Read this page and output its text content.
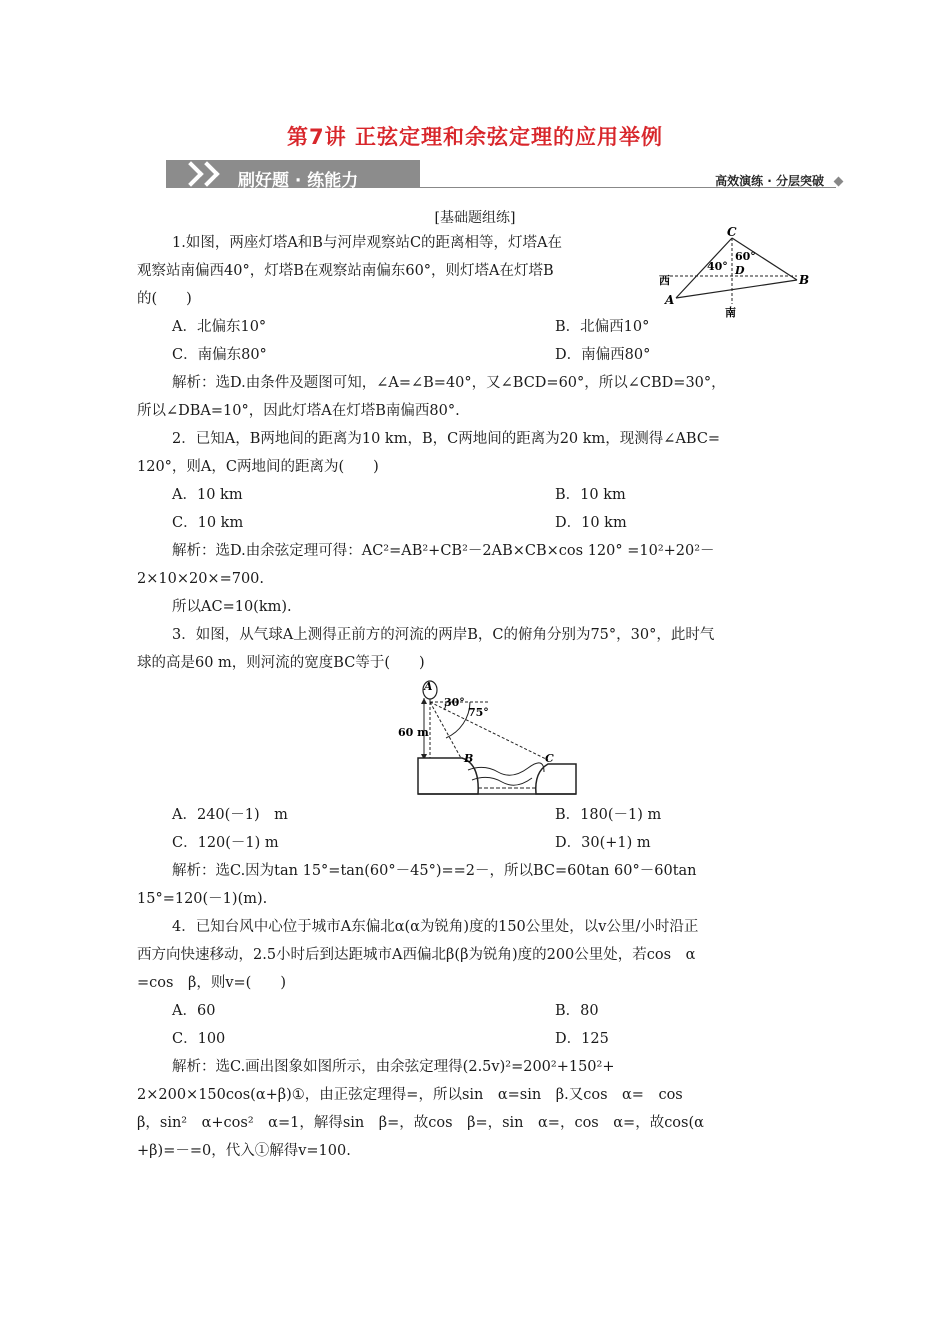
第7讲 正弦定理和余弦定理的应用举例
刷好题 · 练能力	高效演练 · 分层突破
[基础题组练]
1.如图，两座灯塔A和B与河岸观察站C的距离相等，灯塔A在
观察站南偏西40°，灯塔B在观察站南偏东60°，则灯塔A在灯塔B
的(　　)
C
A
B
D
西
南
40°
60°
A．北偏东10°	B．北偏西10°
C．南偏东80°	D．南偏西80°
解析：选D.由条件及题图可知，∠A=∠B=40°，又∠BCD=60°，所以∠CBD=30°，
所以∠DBA=10°，因此灯塔A在灯塔B南偏西80°.
2．已知A，B两地间的距离为10 km，B，C两地间的距离为20 km，现测得∠ABC=
120°，则A，C两地间的距离为(　　)
A．10 km	B．10 km
C．10 km	D．10 km
解析：选D.由余弦定理可得：AC²=AB²+CB²－2AB×CB×cos 120° =10²+20²－
2×10×20×=700.
所以AC=10(km).
3．如图，从气球A上测得正前方的河流的两岸B，C的俯角分别为75°，30°，此时气
球的高是60 m，则河流的宽度BC等于(　　)
A
B	C
60 m
30°
75°
A．240(－1)　m	B．180(－1) m
C．120(－1) m	D．30(+1) m
解析：选C.因为tan 15°=tan(60°－45°)==2－，所以BC=60tan 60°－60tan
15°=120(－1)(m).
4．已知台风中心位于城市A东偏北α(α为锐角)度的150公里处，以v公里/小时沿正
西方向快速移动，2.5小时后到达距城市A西偏北β(β为锐角)度的200公里处，若cos　α
=cos　β，则v=(　　)
A．60	B．80
C．100	D．125
解析：选C.画出图象如图所示，由余弦定理得(2.5v)²=200²+150²+
2×200×150cos(α+β)①，由正弦定理得=，所以sin　α=sin　β.又cos　α=　cos
β，sin²　α+cos²　α=1，解得sin　β=，故cos　β=，sin　α=，cos　α=，故cos(α
+β)=－=0，代入①解得v=100.
